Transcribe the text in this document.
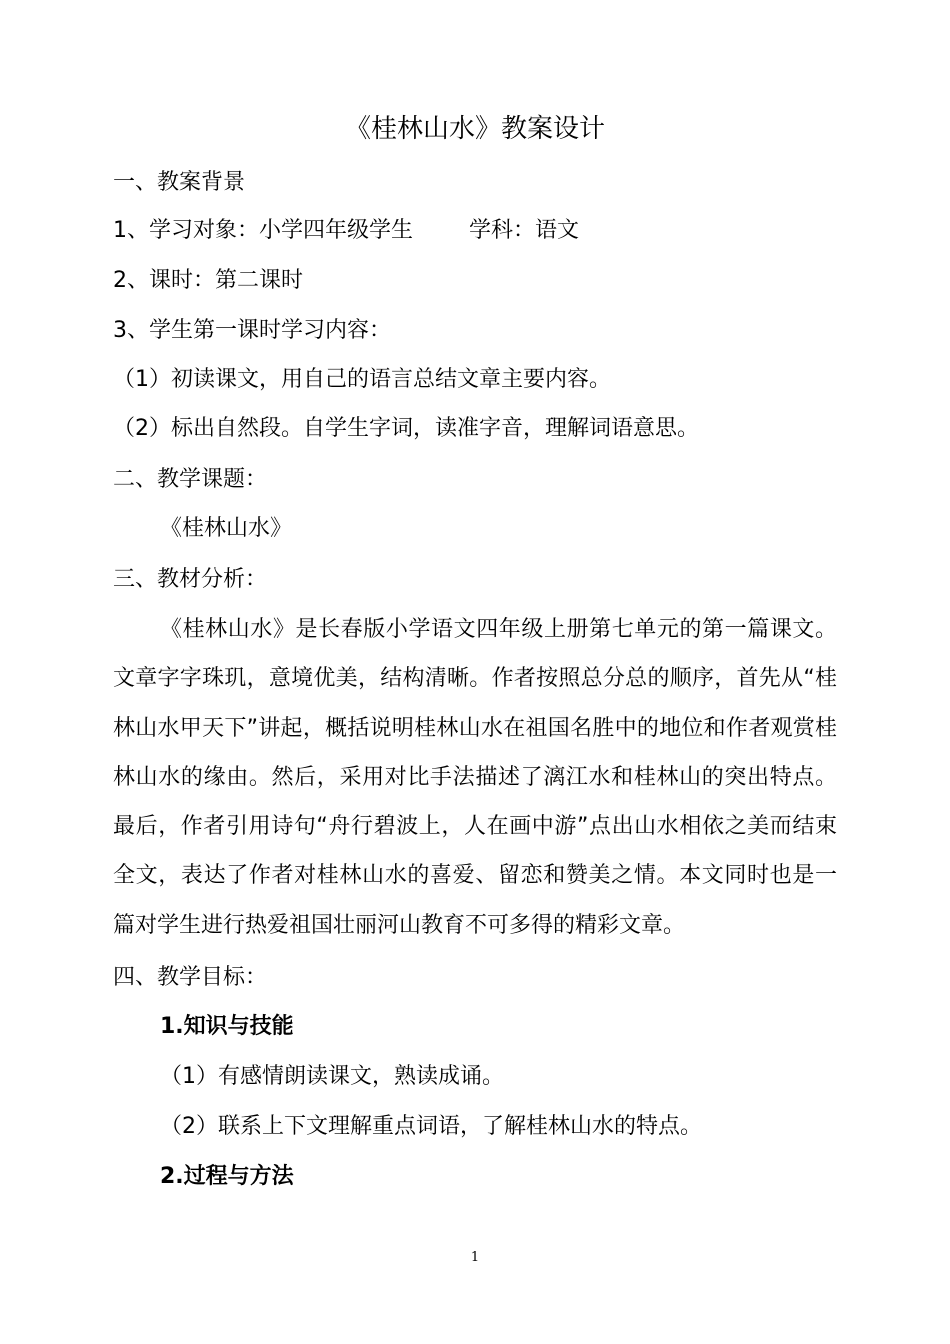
《桂林山水》教案设计
一、教案背景
1、学习对象：小学四年级学生	学科：语文
2、课时：第二课时
3、学生第一课时学习内容：
（1）初读课文，用自己的语言总结文章主要内容。
（2）标出自然段。自学生字词，读准字音，理解词语意思。
二、教学课题：
《桂林山水》
三、教材分析：
《桂林山水》是长春版小学语文四年级上册第七单元的第一篇课文。文章字字珠玑，意境优美，结构清晰。作者按照总分总的顺序，首先从“桂林山水甲天下”讲起，概括说明桂林山水在祖国名胜中的地位和作者观赏桂林山水的缘由。然后，采用对比手法描述了漓江水和桂林山的突出特点。最后，作者引用诗句“舟行碧波上，人在画中游”点出山水相依之美而结束全文，表达了作者对桂林山水的喜爱、留恋和赞美之情。本文同时也是一篇对学生进行热爱祖国壮丽河山教育不可多得的精彩文章。
四、教学目标：
1.知识与技能
（1）有感情朗读课文，熟读成诵。
（2）联系上下文理解重点词语，了解桂林山水的特点。
2.过程与方法
1
